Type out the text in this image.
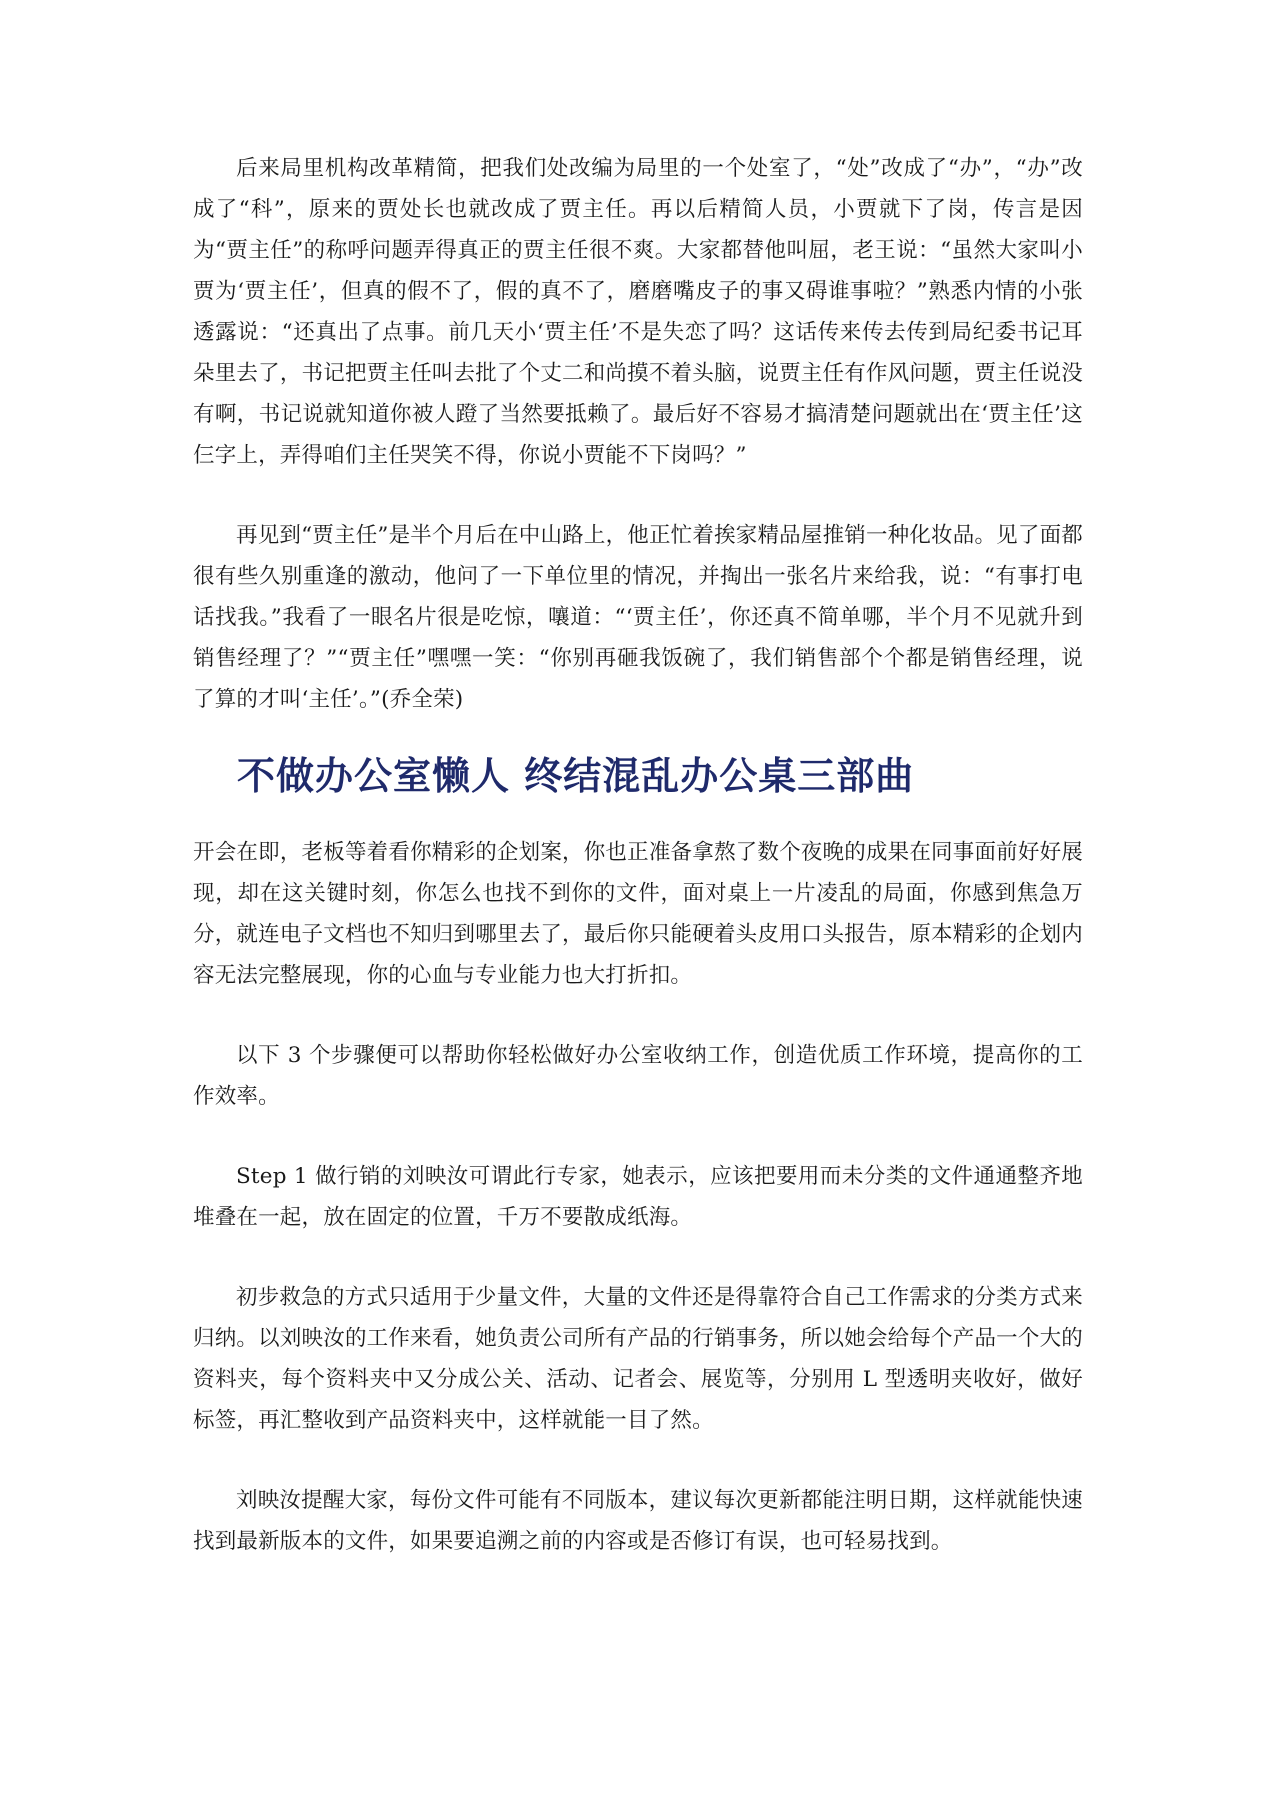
后来局里机构改革精简，把我们处改编为局里的一个处室了，“处”改成了“办”，“办”改成了“科”，原来的贾处长也就改成了贾主任。再以后精简人员，小贾就下了岗，传言是因为“贾主任”的称呼问题弄得真正的贾主任很不爽。大家都替他叫屈，老王说：“虽然大家叫小贾为‘贾主任’，但真的假不了，假的真不了，磨磨嘴皮子的事又碍谁事啦？”熟悉内情的小张透露说：“还真出了点事。前几天小‘贾主任’不是失恋了吗？这话传来传去传到局纪委书记耳朵里去了，书记把贾主任叫去批了个丈二和尚摸不着头脑，说贾主任有作风问题，贾主任说没有啊，书记说就知道你被人蹬了当然要抵赖了。最后好不容易才搞清楚问题就出在‘贾主任’这仨字上，弄得咱们主任哭笑不得，你说小贾能不下岗吗？”

再见到“贾主任”是半个月后在中山路上，他正忙着挨家精品屋推销一种化妆品。见了面都很有些久别重逢的激动，他问了一下单位里的情况，并掏出一张名片来给我，说：“有事打电话找我。”我看了一眼名片很是吃惊，嚷道：“‘贾主任’，你还真不简单哪，半个月不见就升到销售经理了？”“贾主任”嘿嘿一笑：“你别再砸我饭碗了，我们销售部个个都是销售经理，说了算的才叫‘主任’。”(乔全荣)

不做办公室懒人 终结混乱办公桌三部曲

开会在即，老板等着看你精彩的企划案，你也正准备拿熬了数个夜晚的成果在同事面前好好展现，却在这关键时刻，你怎么也找不到你的文件，面对桌上一片凌乱的局面，你感到焦急万分，就连电子文档也不知归到哪里去了，最后你只能硬着头皮用口头报告，原本精彩的企划内容无法完整展现，你的心血与专业能力也大打折扣。

以下 3 个步骤便可以帮助你轻松做好办公室收纳工作，创造优质工作环境，提高你的工作效率。

Step 1 做行销的刘映汝可谓此行专家，她表示，应该把要用而未分类的文件通通整齐地堆叠在一起，放在固定的位置，千万不要散成纸海。

初步救急的方式只适用于少量文件，大量的文件还是得靠符合自己工作需求的分类方式来归纳。以刘映汝的工作来看，她负责公司所有产品的行销事务，所以她会给每个产品一个大的资料夹，每个资料夹中又分成公关、活动、记者会、展览等，分别用 L 型透明夹收好，做好标签，再汇整收到产品资料夹中，这样就能一目了然。

刘映汝提醒大家，每份文件可能有不同版本，建议每次更新都能注明日期，这样就能快速找到最新版本的文件，如果要追溯之前的内容或是否修订有误，也可轻易找到。
